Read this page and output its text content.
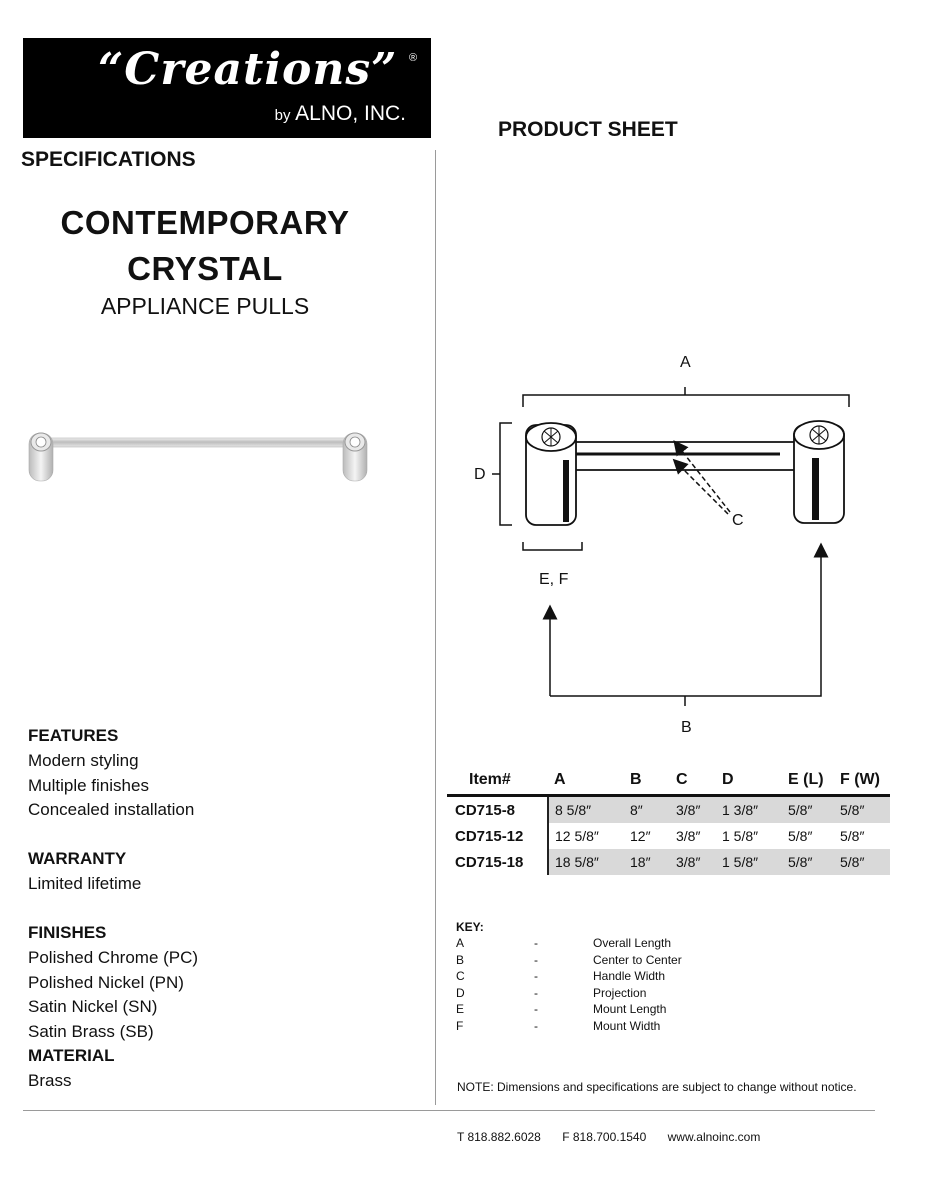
“Creations” ®
by ALNO, INC.
PRODUCT SHEET
SPECIFICATIONS
CONTEMPORARY
CRYSTAL
APPLIANCE PULLS
A
D
C
E, F
B
FEATURES
Modern styling
Multiple finishes
Concealed installation
WARRANTY
Limited lifetime
FINISHES
Polished Chrome (PC)
Polished Nickel (PN)
Satin Nickel (SN)
Satin Brass (SB)
MATERIAL
Brass
Item#	A	B	C	D	E (L)	F (W)
CD715-8	8 5/8″	8″	3/8″	1 3/8″	5/8″	5/8″
CD715-12	12 5/8″	12″	3/8″	1 5/8″	5/8″	5/8″
CD715-18	18 5/8″	18″	3/8″	1 5/8″	5/8″	5/8″
KEY:
A	-	Overall Length
B	-	Center to Center
C	-	Handle Width
D	-	Projection
E	-	Mount Length
F	-	Mount Width
NOTE: Dimensions and specifications are subject to change without notice.
T 818.882.6028 F 818.700.1540 www.alnoinc.com
